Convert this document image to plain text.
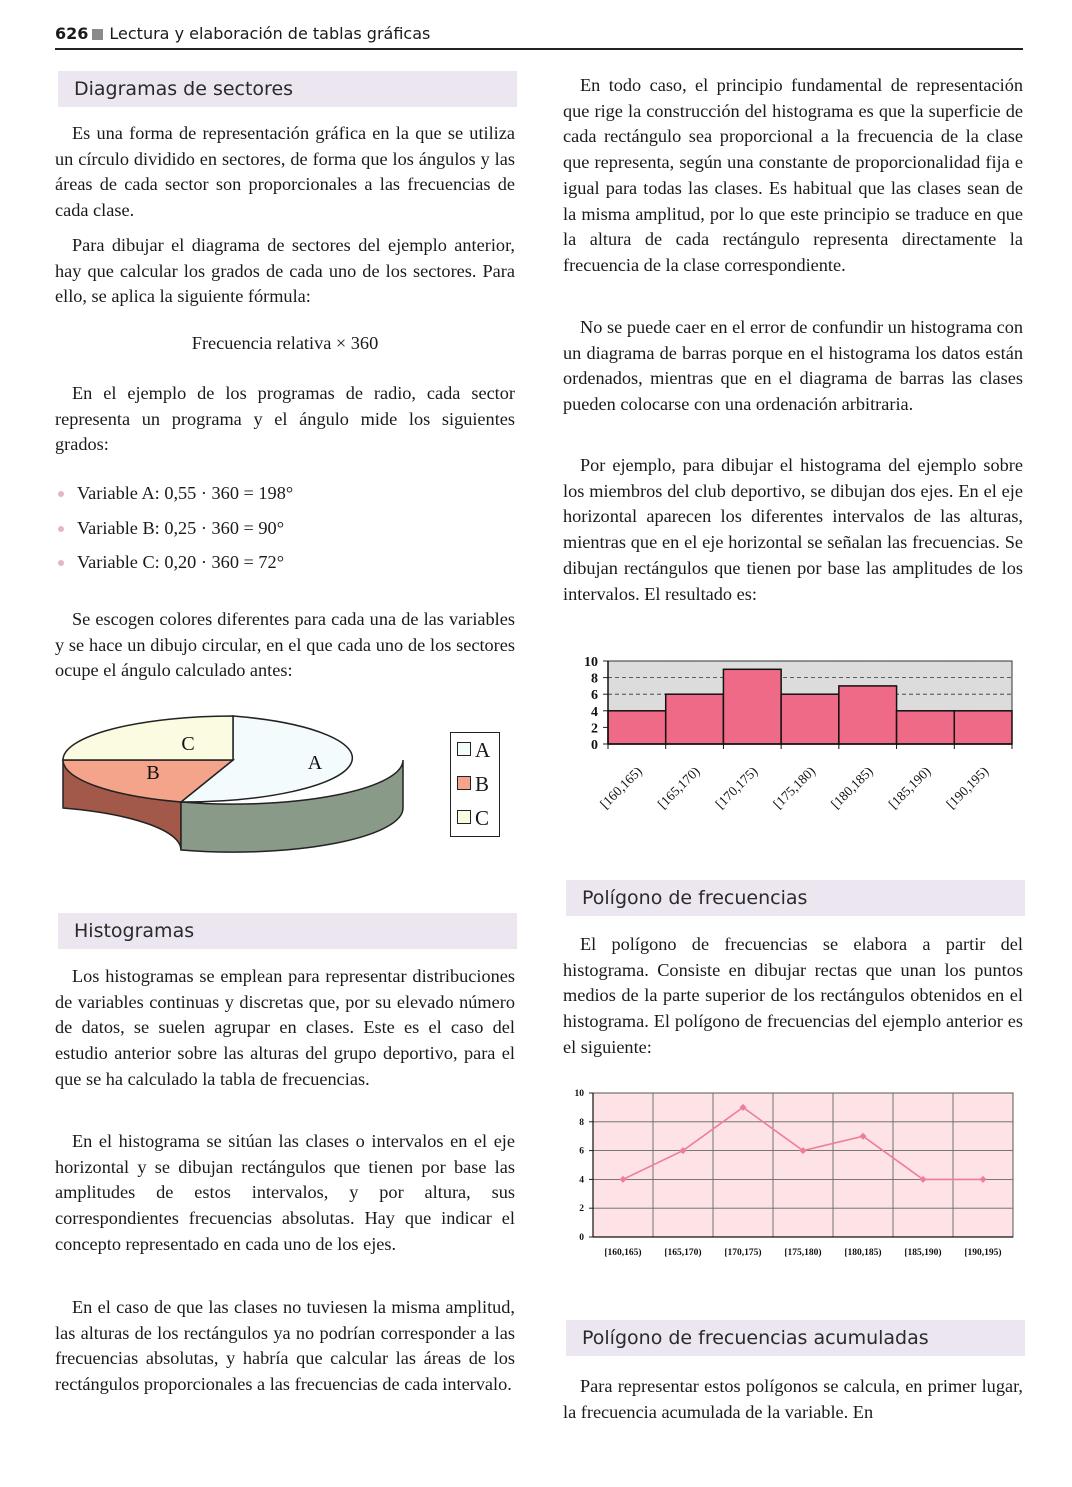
626 Lectura y elaboración de tablas gráficas
Diagramas de sectores

Es una forma de representación gráfica en la que se utiliza un círculo dividido en sectores, de forma que los ángulos y las áreas de cada sector son proporcionales a las frecuencias de cada clase.

Para dibujar el diagrama de sectores del ejemplo anterior, hay que calcular los grados de cada uno de los sectores. Para ello, se aplica la siguiente fórmula:

Frecuencia relativa × 360

En el ejemplo de los programas de radio, cada sector representa un programa y el ángulo mide los siguientes grados:

Variable A: 0,55 · 360 = 198°
Variable B: 0,25 · 360 = 90°
Variable C: 0,20 · 360 = 72°

Se escogen colores diferentes para cada una de las variables y se hace un dibujo circular, en el que cada uno de los sectores ocupe el ángulo calculado antes:

C
B	A
A
B
C
Histogramas

Los histogramas se emplean para representar distribuciones de variables continuas y discretas que, por su elevado número de datos, se suelen agrupar en clases. Este es el caso del estudio anterior sobre las alturas del grupo deportivo, para el que se ha calculado la tabla de frecuencias.

En el histograma se sitúan las clases o intervalos en el eje horizontal y se dibujan rectángulos que tienen por base las amplitudes de estos intervalos, y por altura, sus correspondientes frecuencias absolutas. Hay que indicar el concepto representado en cada uno de los ejes.

En el caso de que las clases no tuviesen la misma amplitud, las alturas de los rectángulos ya no podrían corresponder a las frecuencias absolutas, y habría que calcular las áreas de los rectángulos proporcionales a las frecuencias de cada intervalo.

En todo caso, el principio fundamental de representación que rige la construcción del histograma es que la superficie de cada rectángulo sea proporcional a la frecuencia de la clase que representa, según una constante de proporcionalidad fija e igual para todas las clases. Es habitual que las clases sean de la misma amplitud, por lo que este principio se traduce en que la altura de cada rectángulo representa directamente la frecuencia de la clase correspondiente.

No se puede caer en el error de confundir un histograma con un diagrama de barras porque en el histograma los datos están ordenados, mientras que en el diagrama de barras las clases pueden colocarse con una ordenación arbitraria.

Por ejemplo, para dibujar el histograma del ejemplo sobre los miembros del club deportivo, se dibujan dos ejes. En el eje horizontal aparecen los diferentes intervalos de las alturas, mientras que en el eje horizontal se señalan las frecuencias. Se dibujan rectángulos que tienen por base las amplitudes de los intervalos. El resultado es:

0
2
4
6
8
10
[160,165) [165,170) [170,175) [175,180) [180,185) [185,190) [190,195)
Polígono de frecuencias

El polígono de frecuencias se elabora a partir del histograma. Consiste en dibujar rectas que unan los puntos medios de la parte superior de los rectángulos obtenidos en el histograma. El polígono de frecuencias del ejemplo anterior es el siguiente:

0
2
4
6
8
10
[160,165) [165,170) [170,175) [175,180) [180,185) [185,190) [190,195)
Polígono de frecuencias acumuladas

Para representar estos polígonos se calcula, en primer lugar, la frecuencia acumulada de la variable. En
